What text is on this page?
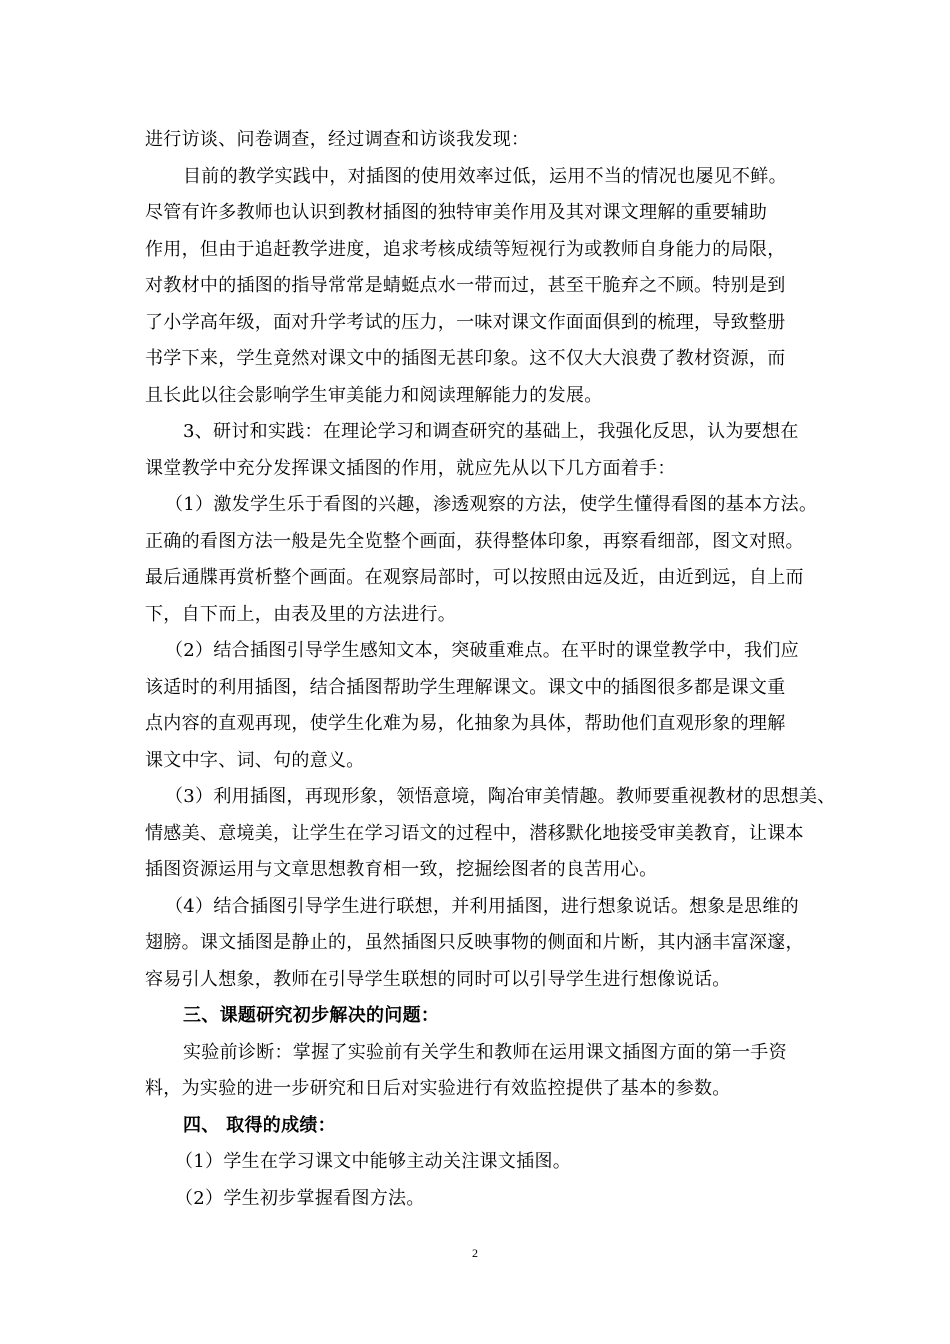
进行访谈、问卷调查，经过调查和访谈我发现：
目前的教学实践中，对插图的使用效率过低，运用不当的情况也屡见不鲜。
尽管有许多教师也认识到教材插图的独特审美作用及其对课文理解的重要辅助
作用，但由于追赶教学进度，追求考核成绩等短视行为或教师自身能力的局限，
对教材中的插图的指导常常是蜻蜓点水一带而过，甚至干脆弃之不顾。特别是到
了小学高年级，面对升学考试的压力，一味对课文作面面俱到的梳理，导致整册
书学下来，学生竟然对课文中的插图无甚印象。这不仅大大浪费了教材资源，而
且长此以往会影响学生审美能力和阅读理解能力的发展。
3、研讨和实践：在理论学习和调查研究的基础上，我强化反思，认为要想在
课堂教学中充分发挥课文插图的作用，就应先从以下几方面着手：
（1）激发学生乐于看图的兴趣，渗透观察的方法，使学生懂得看图的基本方法。
正确的看图方法一般是先全览整个画面，获得整体印象，再察看细部，图文对照。
最后通牒再赏析整个画面。在观察局部时，可以按照由远及近，由近到远，自上而
下，自下而上，由表及里的方法进行。
（2）结合插图引导学生感知文本，突破重难点。在平时的课堂教学中，我们应
该适时的利用插图，结合插图帮助学生理解课文。课文中的插图很多都是课文重
点内容的直观再现，使学生化难为易，化抽象为具体，帮助他们直观形象的理解
课文中字、词、句的意义。
（3）利用插图，再现形象，领悟意境，陶冶审美情趣。教师要重视教材的思想美、
情感美、意境美，让学生在学习语文的过程中，潜移默化地接受审美教育，让课本
插图资源运用与文章思想教育相一致，挖掘绘图者的良苦用心。
（4）结合插图引导学生进行联想，并利用插图，进行想象说话。想象是思维的
翅膀。课文插图是静止的，虽然插图只反映事物的侧面和片断，其内涵丰富深邃，
容易引人想象，教师在引导学生联想的同时可以引导学生进行想像说话。
三、课题研究初步解决的问题：
实验前诊断：掌握了实验前有关学生和教师在运用课文插图方面的第一手资
料，为实验的进一步研究和日后对实验进行有效监控提供了基本的参数。
四、 取得的成绩：
（1）学生在学习课文中能够主动关注课文插图。
（2）学生初步掌握看图方法。
2
